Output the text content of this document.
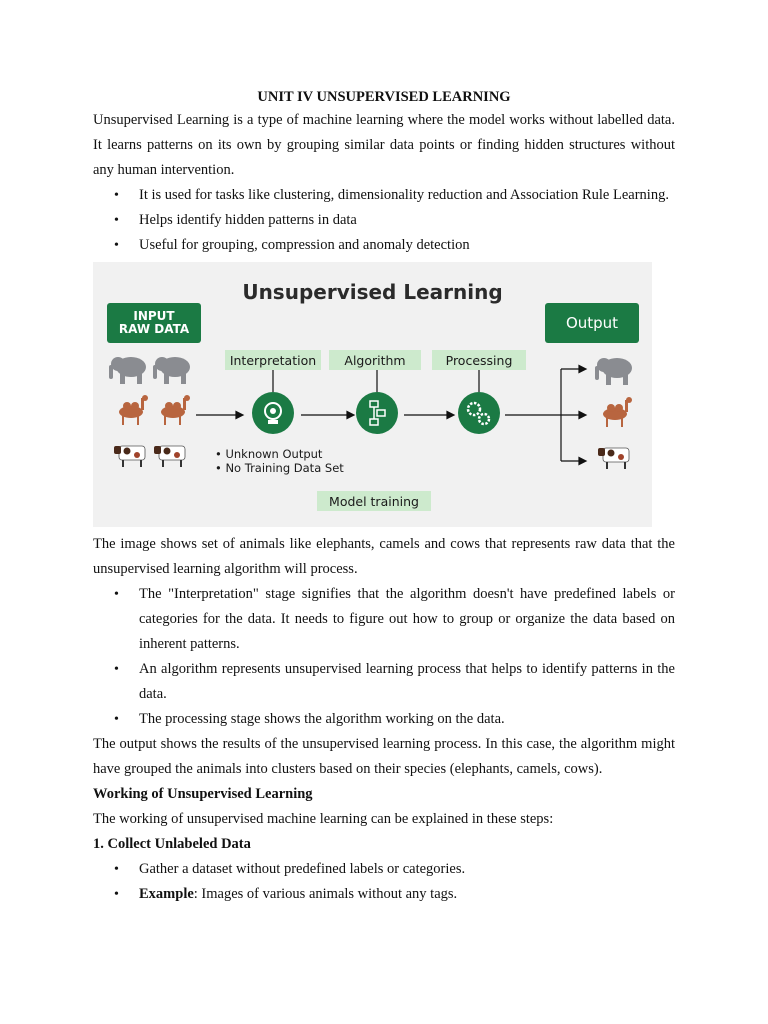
UNIT IV UNSUPERVISED LEARNING

Unsupervised Learning is a type of machine learning where the model works without labelled data. It learns patterns on its own by grouping similar data points or finding hidden structures without any human intervention.

• It is used for tasks like clustering, dimensionality reduction and Association Rule Learning.
• Helps identify hidden patterns in data
• Useful for grouping, compression and anomaly detection
Unsupervised Learning
INPUT
RAW DATA	Output
Interpretation	Algorithm	Processing
• Unknown Output
• No Training Data Set
Model training

The image shows set of animals like elephants, camels and cows that represents raw data that the unsupervised learning algorithm will process.

• The "Interpretation" stage signifies that the algorithm doesn't have predefined labels or categories for the data. It needs to figure out how to group or organize the data based on inherent patterns.
• An algorithm represents unsupervised learning process that helps to identify patterns in the data.
• The processing stage shows the algorithm working on the data.

The output shows the results of the unsupervised learning process. In this case, the algorithm might have grouped the animals into clusters based on their species (elephants, camels, cows).

Working of Unsupervised Learning

The working of unsupervised machine learning can be explained in these steps:

1. Collect Unlabeled Data
• Gather a dataset without predefined labels or categories.
• Example: Images of various animals without any tags.
